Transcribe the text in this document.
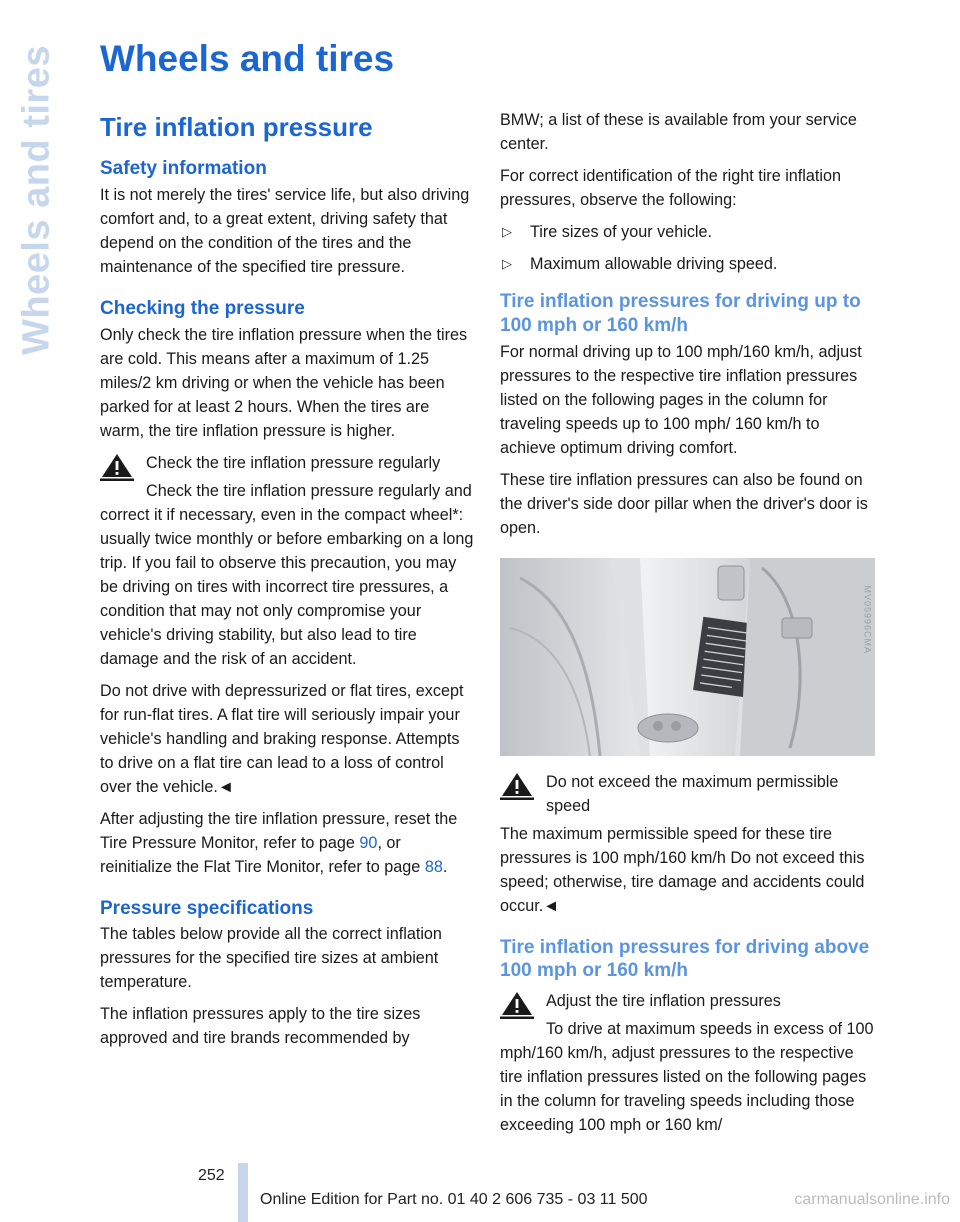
Wheels and tires Wheels and tires
Tire inflation pressure
Safety information

It is not merely the tires' service life, but also driving comfort and, to a great extent, driving safety that depend on the condition of the tires and the maintenance of the specified tire pressure.

Checking the pressure

Only check the tire inflation pressure when the tires are cold. This means after a maximum of 1.25 miles/2 km driving or when the vehicle has been parked for at least 2 hours. When the tires are warm, the tire inflation pressure is higher.

Check the tire inflation pressure regularly

Check the tire inflation pressure regularly and correct it if necessary, even in the compact wheel*: usually twice monthly or before embarking on a long trip. If you fail to observe this precaution, you may be driving on tires with incorrect tire pressures, a condition that may not only compromise your vehicle's driving stability, but also lead to tire damage and the risk of an accident.

Do not drive with depressurized or flat tires, except for run-flat tires. A flat tire will seriously impair your vehicle's handling and braking response. Attempts to drive on a flat tire can lead to a loss of control over the vehicle.◄

After adjusting the tire inflation pressure, reset the Tire Pressure Monitor, refer to page 90, or reinitialize the Flat Tire Monitor, refer to page 88.

Pressure specifications

The tables below provide all the correct inflation pressures for the specified tire sizes at ambient temperature.

The inflation pressures apply to the tire sizes approved and tire brands recommended by

BMW; a list of these is available from your service center.

For correct identification of the right tire inflation pressures, observe the following:

▷ Tire sizes of your vehicle.
▷ Maximum allowable driving speed.
Tire inflation pressures for driving up to 100 mph or 160 km/h

For normal driving up to 100 mph/160 km/h, adjust pressures to the respective tire inflation pressures listed on the following pages in the column for traveling speeds up to 100 mph/ 160 km/h to achieve optimum driving comfort.

These tire inflation pressures can also be found on the driver's side door pillar when the driver's door is open.

MV05996CMA

Do not exceed the maximum permissible speed

The maximum permissible speed for these tire pressures is 100 mph/160 km/h Do not exceed this speed; otherwise, tire damage and accidents could occur.◄

Tire inflation pressures for driving above 100 mph or 160 km/h

Adjust the tire inflation pressures

To drive at maximum speeds in excess of 100 mph/160 km/h, adjust pressures to the respective tire inflation pressures listed on the following pages in the column for traveling speeds including those exceeding 100 mph or 160 km/

252
Online Edition for Part no. 01 40 2 606 735 - 03 11 500	carmanualsonline.info
